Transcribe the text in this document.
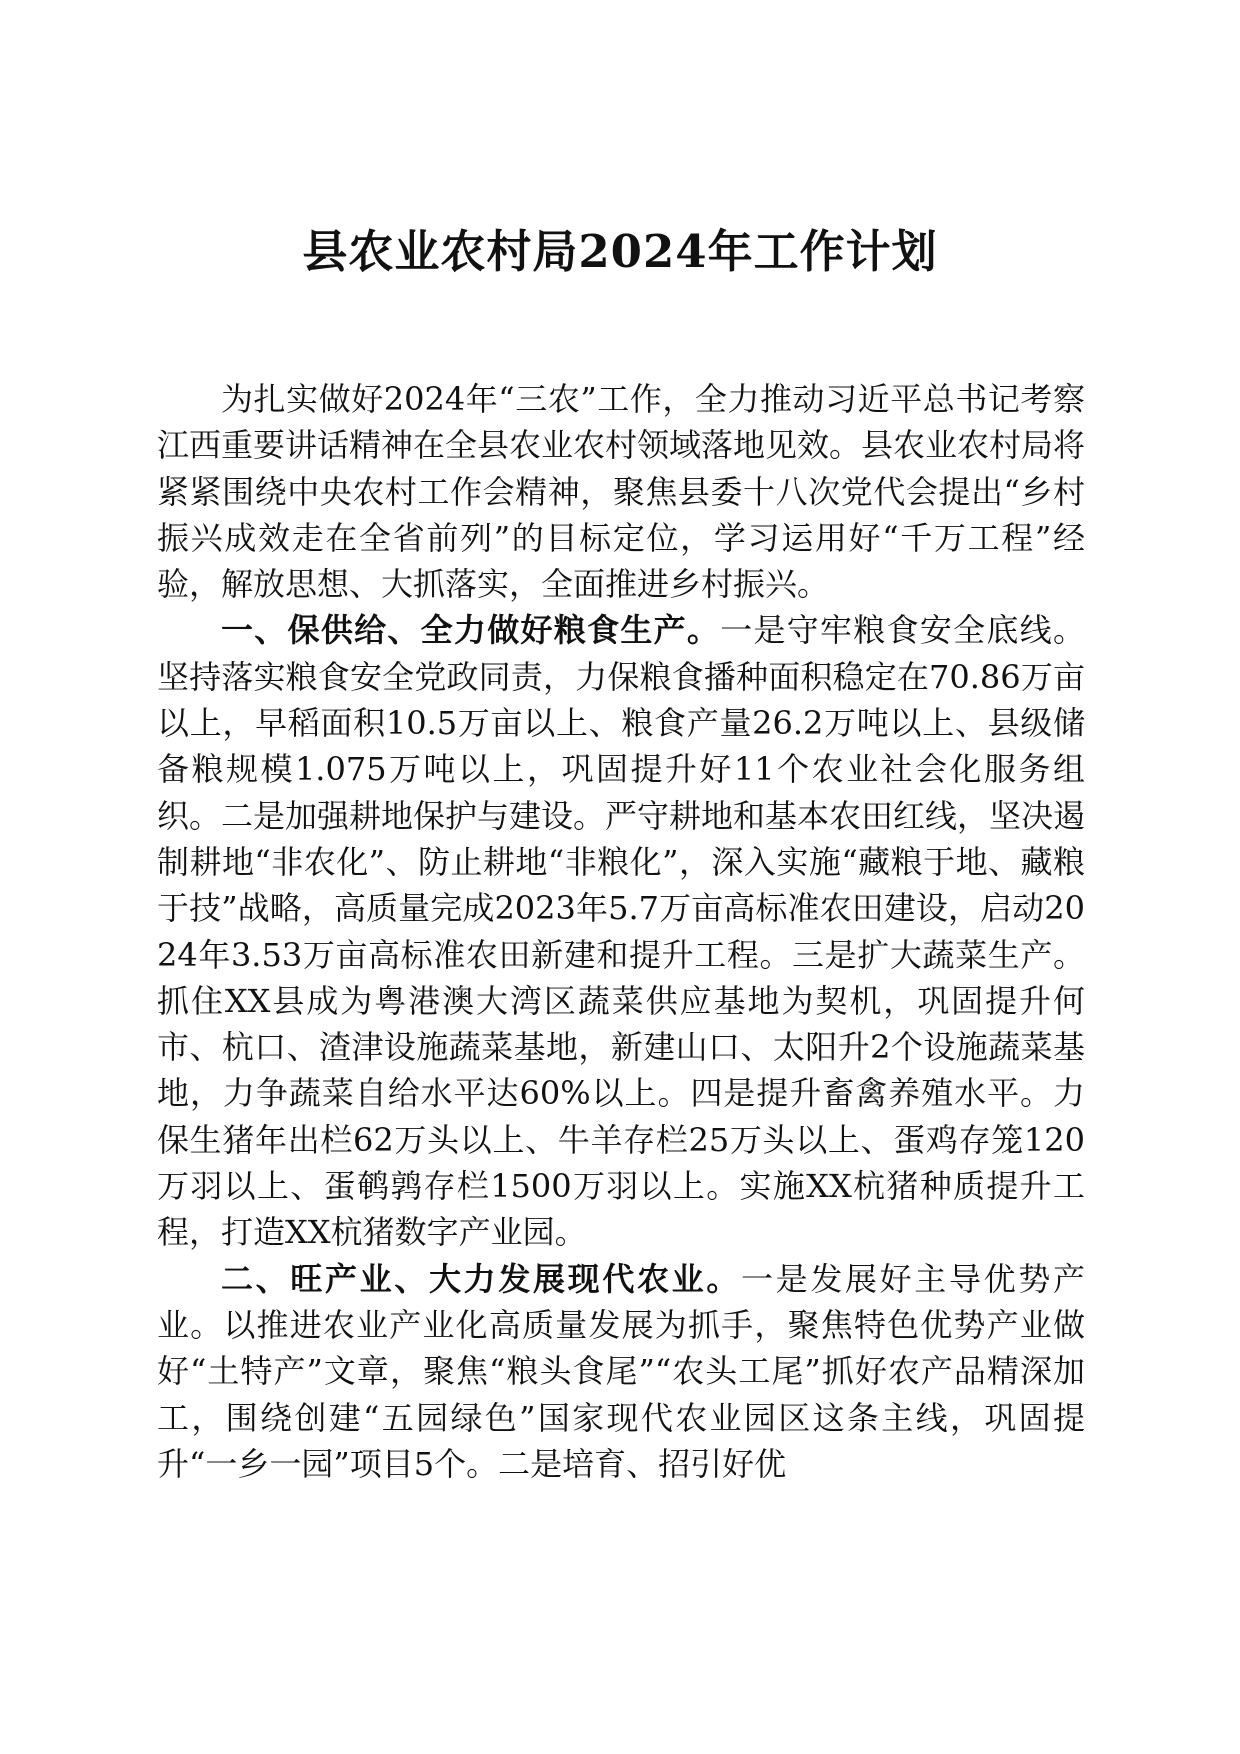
县农业农村局2024年工作计划

为扎实做好2024年“三农”工作，全力推动习近平总书记考察江西重要讲话精神在全县农业农村领域落地见效。县农业农村局将紧紧围绕中央农村工作会精神，聚焦县委十八次党代会提出“乡村振兴成效走在全省前列”的目标定位，学习运用好“千万工程”经验，解放思想、大抓落实，全面推进乡村振兴。

一、保供给、全力做好粮食生产。一是守牢粮食安全底线。坚持落实粮食安全党政同责，力保粮食播种面积稳定在70.86万亩以上，早稻面积10.5万亩以上、粮食产量26.2万吨以上、县级储备粮规模1.075万吨以上，巩固提升好11个农业社会化服务组织。二是加强耕地保护与建设。严守耕地和基本农田红线，坚决遏制耕地“非农化”、防止耕地“非粮化”，深入实施“藏粮于地、藏粮于技”战略，高质量完成2023年5.7万亩高标准农田建设，启动2024年3.53万亩高标准农田新建和提升工程。三是扩大蔬菜生产。抓住XX县成为粤港澳大湾区蔬菜供应基地为契机，巩固提升何市、杭口、渣津设施蔬菜基地，新建山口、太阳升2个设施蔬菜基地，力争蔬菜自给水平达60%以上。四是提升畜禽养殖水平。力保生猪年出栏62万头以上、牛羊存栏25万头以上、蛋鸡存笼120万羽以上、蛋鹌鹑存栏1500万羽以上。实施XX杭猪种质提升工程，打造XX杭猪数字产业园。

二、旺产业、大力发展现代农业。一是发展好主导优势产业。以推进农业产业化高质量发展为抓手，聚焦特色优势产业做好“土特产”文章，聚焦“粮头食尾”“农头工尾”抓好农产品精深加工，围绕创建“五园绿色”国家现代农业园区这条主线，巩固提升“一乡一园”项目5个。二是培育、招引好优
